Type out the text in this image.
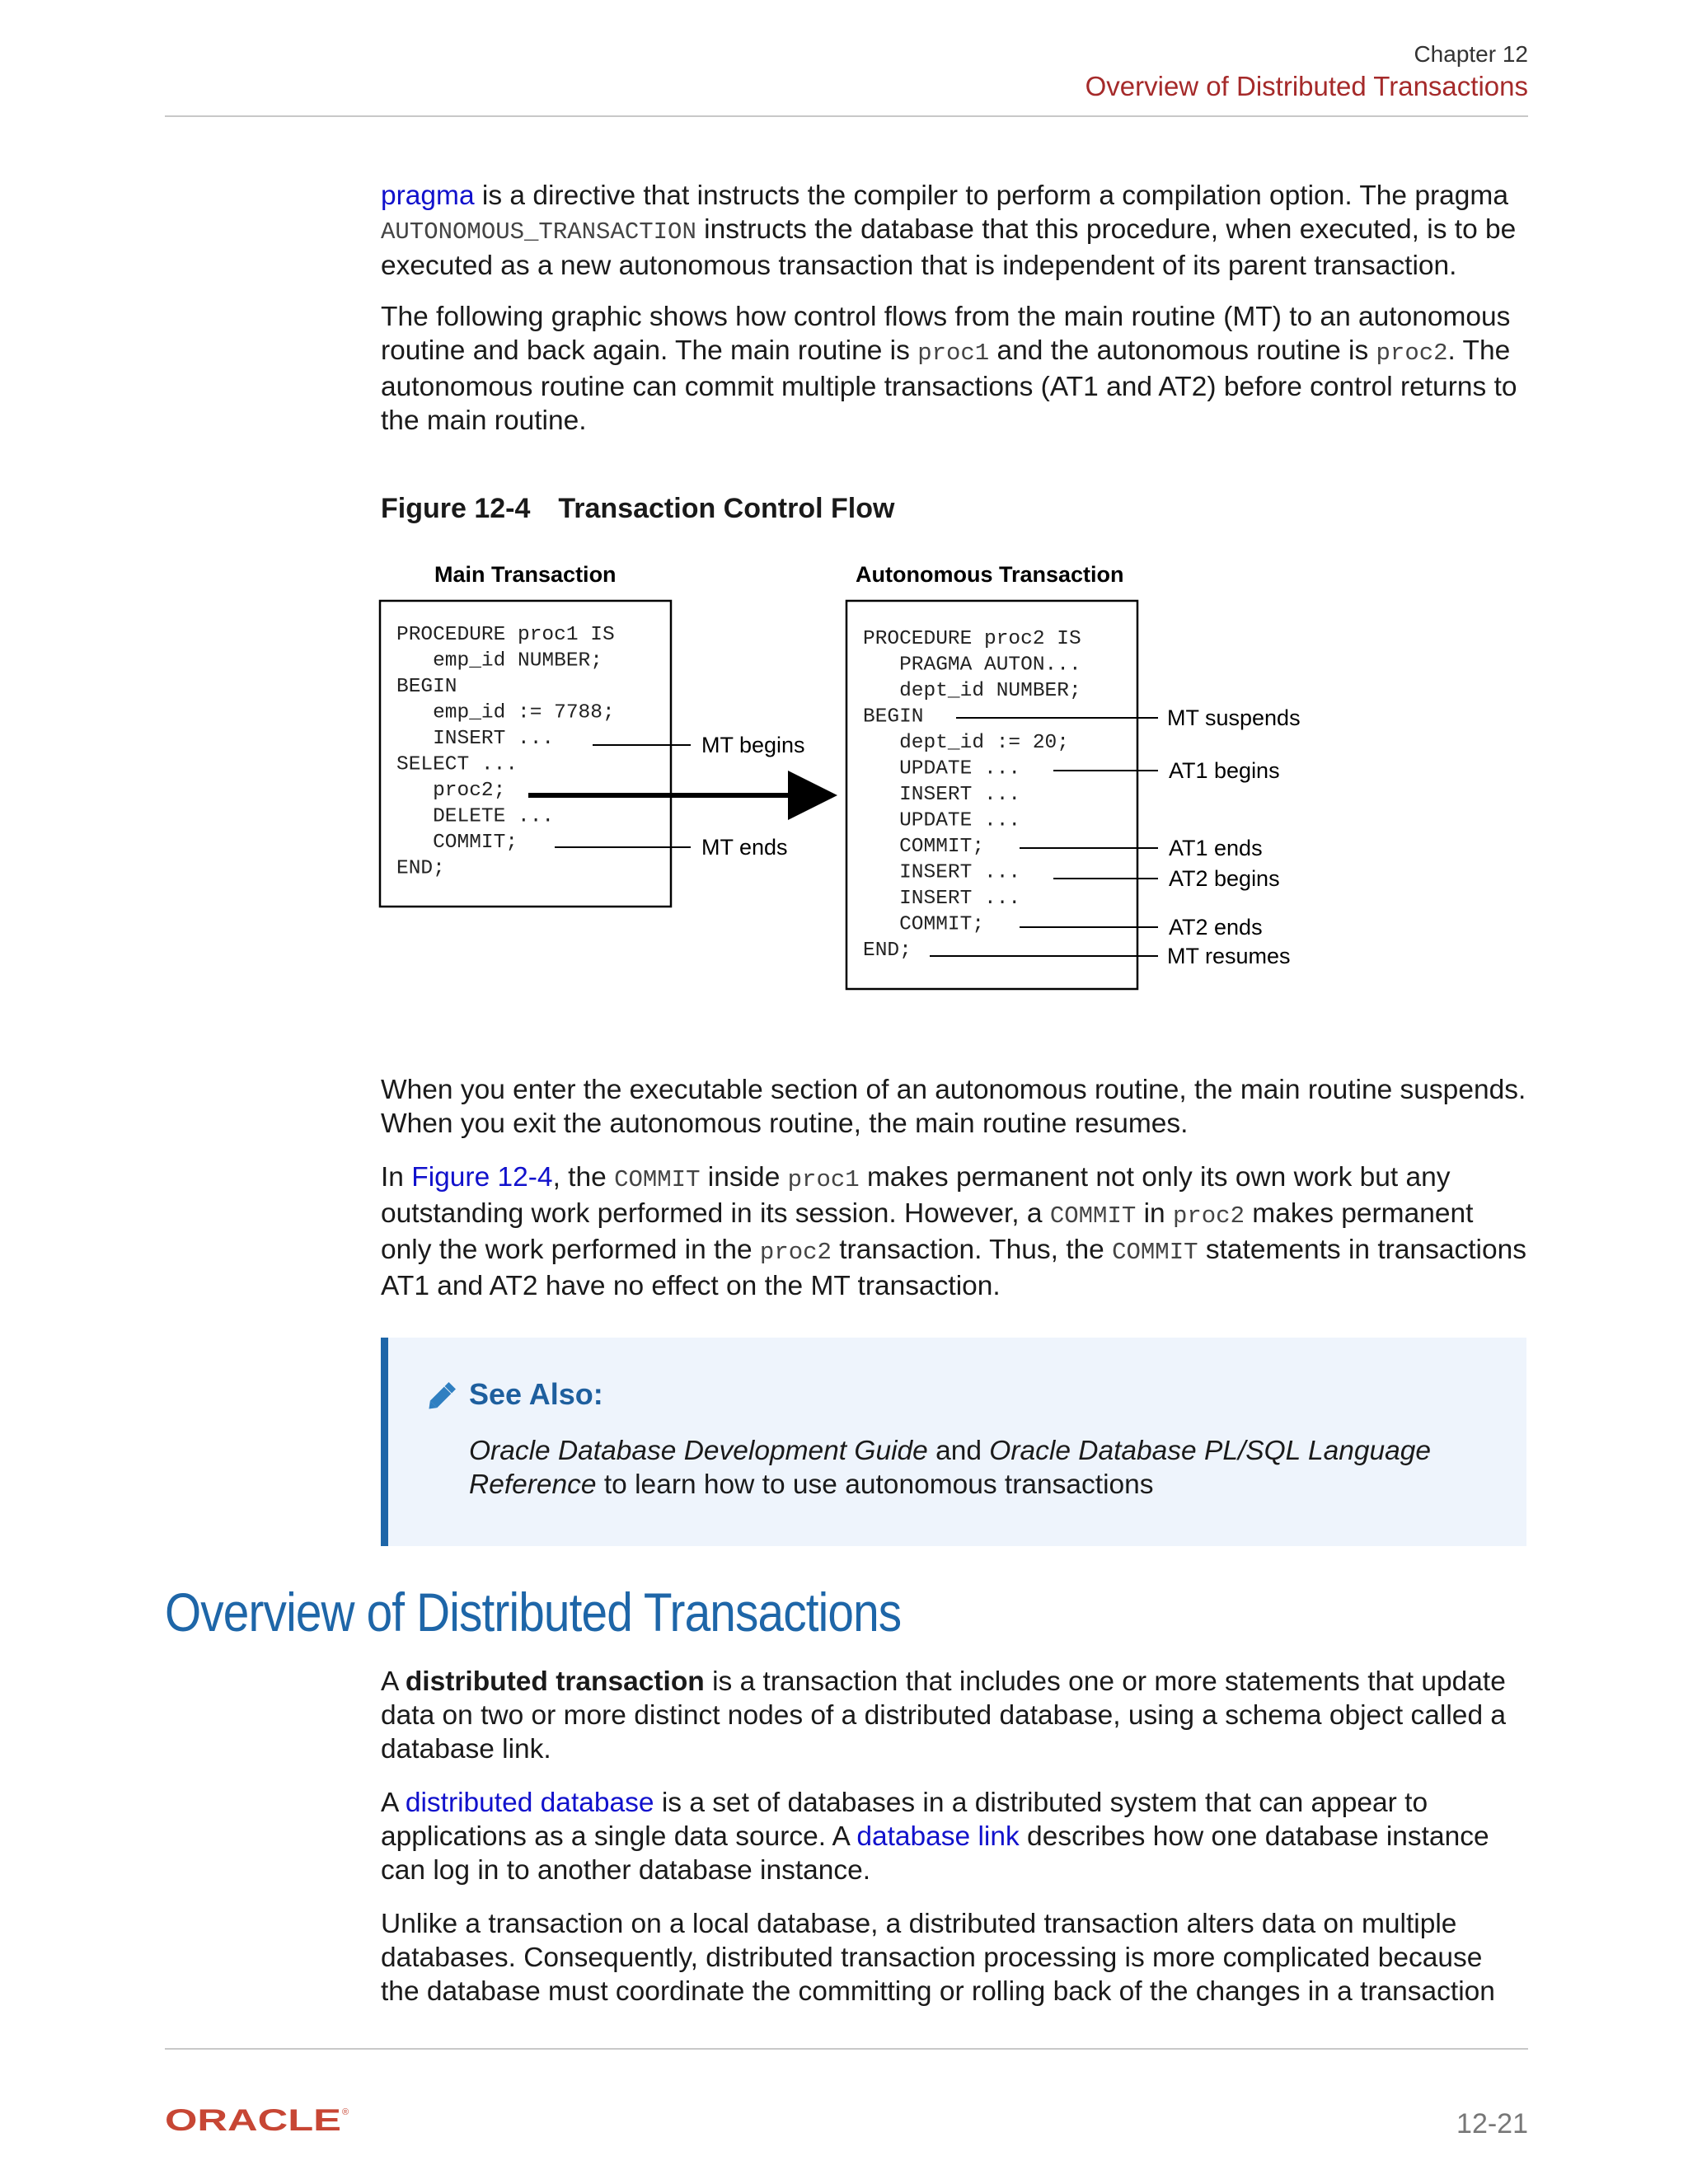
Chapter 12
Overview of Distributed Transactions

pragma is a directive that instructs the compiler to perform a compilation option. The pragma AUTONOMOUS_TRANSACTION instructs the database that this procedure, when executed, is to be executed as a new autonomous transaction that is independent of its parent transaction.

The following graphic shows how control flows from the main routine (MT) to an autonomous routine and back again. The main routine is proc1 and the autonomous routine is proc2. The autonomous routine can commit multiple transactions (AT1 and AT2) before control returns to the main routine.

Figure 12-4 Transaction Control Flow
Main Transaction	Autonomous Transaction
PROCEDURE proc1 IS
emp_id NUMBER;
BEGIN
emp_id := 7788;
INSERT ...
SELECT ...
proc2;
DELETE ...
COMMIT;
END;
PROCEDURE proc2 IS
PRAGMA AUTON...
dept_id NUMBER;
BEGIN
dept_id := 20;
UPDATE ...
INSERT ...
UPDATE ...
COMMIT;
INSERT ...
INSERT ...
COMMIT;
END;
MT begins
MT ends
MT suspends
AT1 begins
AT1 ends
AT2 begins
AT2 ends
MT resumes

When you enter the executable section of an autonomous routine, the main routine suspends. When you exit the autonomous routine, the main routine resumes.

In Figure 12-4, the COMMIT inside proc1 makes permanent not only its own work but any outstanding work performed in its session. However, a COMMIT in proc2 makes permanent only the work performed in the proc2 transaction. Thus, the COMMIT statements in transactions AT1 and AT2 have no effect on the MT transaction.

See Also:

Oracle Database Development Guide and Oracle Database PL/SQL Language Reference to learn how to use autonomous transactions

Overview of Distributed Transactions

A distributed transaction is a transaction that includes one or more statements that update data on two or more distinct nodes of a distributed database, using a schema object called a database link.

A distributed database is a set of databases in a distributed system that can appear to applications as a single data source. A database link describes how one database instance can log in to another database instance.

Unlike a transaction on a local database, a distributed transaction alters data on multiple databases. Consequently, distributed transaction processing is more complicated because the database must coordinate the committing or rolling back of the changes in a transaction

ORACLE ®	12-21
